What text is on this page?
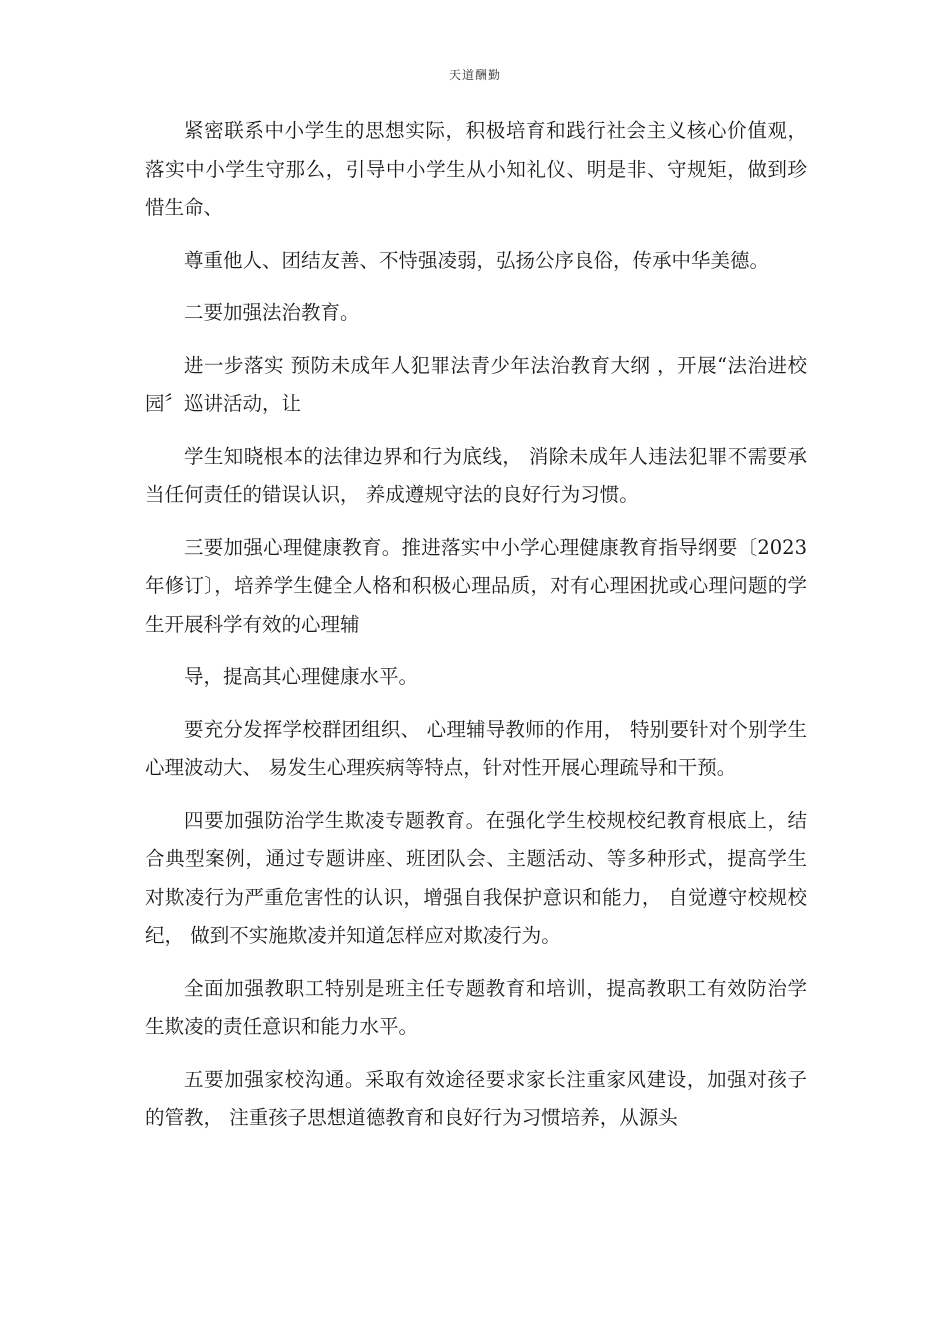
天道酬勤

紧密联系中小学生的思想实际，积极培育和践行社会主义核心价值观， 落实中小学生守那么，引导中小学生从小知礼仪、明是非、守规矩，做到珍惜生命、

尊重他人、团结友善、不恃强凌弱，弘扬公序良俗，传承中华美德。

二要加强法治教育。

进一步落实 预防未成年人犯罪法青少年法治教育大纲 ，开展“法治进校园〞巡讲活动，让

学生知晓根本的法律边界和行为底线， 消除未成年人违法犯罪不需要承当任何责任的错误认识， 养成遵规守法的良好行为习惯。

三要加强心理健康教育。推进落实中小学心理健康教育指导纲要〔2023 年修订〕，培养学生健全人格和积极心理品质，对有心理困扰或心理问题的学生开展科学有效的心理辅

导，提高其心理健康水平。

要充分发挥学校群团组织、 心理辅导教师的作用， 特别要针对个别学生心理波动大、 易发生心理疾病等特点，针对性开展心理疏导和干预。

四要加强防治学生欺凌专题教育。在强化学生校规校纪教育根底上，结合典型案例，通过专题讲座、班团队会、主题活动、等多种形式，提高学生对欺凌行为严重危害性的认识，增强自我保护意识和能力， 自觉遵守校规校纪， 做到不实施欺凌并知道怎样应对欺凌行为。

全面加强教职工特别是班主任专题教育和培训，提高教职工有效防治学生欺凌的责任意识和能力水平。

五要加强家校沟通。采取有效途径要求家长注重家风建设，加强对孩子的管教， 注重孩子思想道德教育和良好行为习惯培养，从源头
